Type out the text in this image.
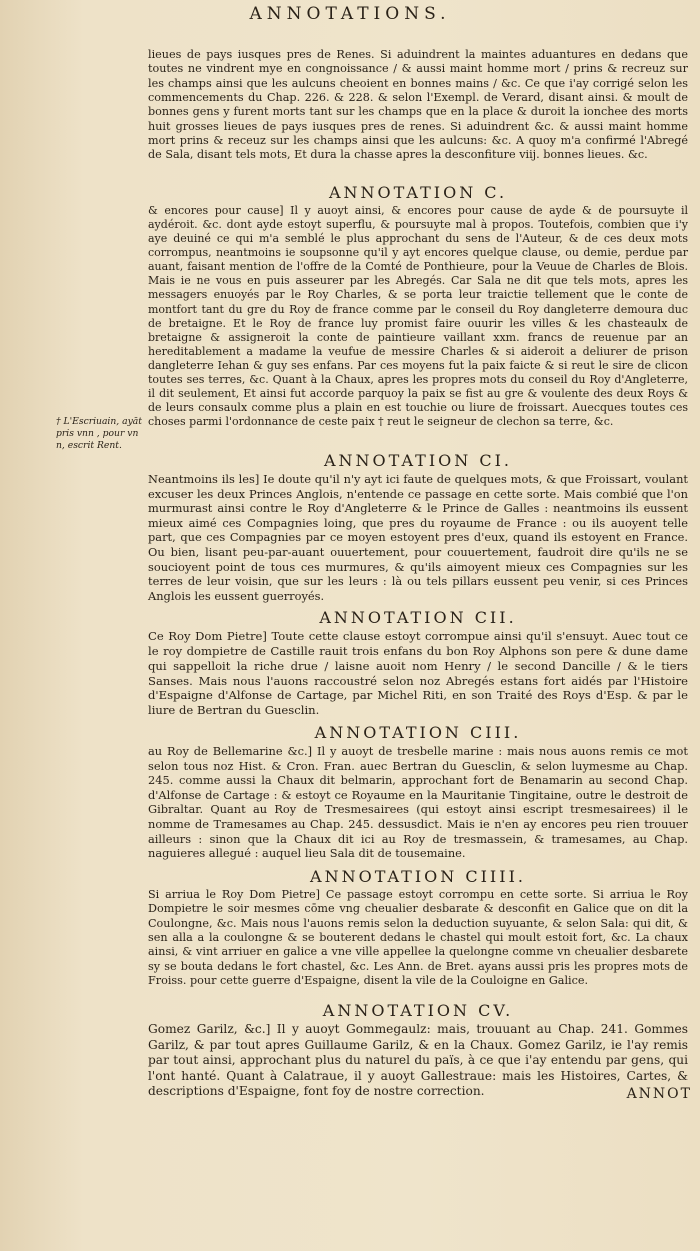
ANNOTATIONS.

lieues de pays iusques pres de Renes. Si aduindrent la maintes aduantures en dedans que toutes ne vindrent mye en congnoissance / & aussi maint homme mort / prins & recreuz sur les champs ainsi que les aulcuns cheoient en bonnes mains / &c. Ce que i'ay corrigé selon les commencements du Chap. 226. & 228. & selon l'Exempl. de Verard, disant ainsi. & moult de bonnes gens y furent morts tant sur les champs que en la place & duroit la ionchee des morts huit grosses lieues de pays iusques pres de renes. Si aduindrent &c. & aussi maint homme mort prins & receuz sur les champs ainsi que les aulcuns: &c. A quoy m'a confirmé l'Abregé de Sala, disant tels mots, Et dura la chasse apres la desconfiture viij. bonnes lieues. &c.

ANNOTATION C.

& encores pour cause] Il y auoyt ainsi, & encores pour cause de ayde & de poursuyte il aydéroit. &c. dont ayde estoyt superflu, & poursuyte mal à propos. Toutefois, combien que i'y aye deuiné ce qui m'a semblé le plus approchant du sens de l'Auteur, & de ces deux mots corrompus, neantmoins ie soupsonne qu'il y ayt encores quelque clause, ou demie, perdue par auant, faisant mention de l'offre de la Comté de Ponthieure, pour la Veuue de Charles de Blois. Mais ie ne vous en puis asseurer par les Abregés. Car Sala ne dit que tels mots, apres les messagers enuoyés par le Roy Charles, & se porta leur traictie tellement que le conte de montfort tant du gre du Roy de france comme par le conseil du Roy dangleterre demoura duc de bretaigne. Et le Roy de france luy promist faire ouurir les villes & les chasteaulx de bretaigne & assigneroit la conte de paintieure vaillant xxm. francs de reuenue par an hereditablement a madame la veufue de messire Charles & si aideroit a deliurer de prison dangleterre Iehan & guy ses enfans. Par ces moyens fut la paix faicte & si reut le sire de clicon toutes ses terres, &c. Quant à la Chaux, apres les propres mots du conseil du Roy d'Angleterre, il dit seulement, Et ainsi fut accorde parquoy la paix se fist au gre & voulente des deux Roys & de leurs consaulx comme plus a plain en est touchie ou liure de froissart. Auecques toutes ces choses parmi l'ordonnance de ceste paix † reut le seigneur de clechon sa terre, &c.

ANNOTATION CI.

Neantmoins ils les] Ie doute qu'il n'y ayt ici faute de quelques mots, & que Froissart, voulant excuser les deux Princes Anglois, n'entende ce passage en cette sorte. Mais combié que l'on murmurast ainsi contre le Roy d'Angleterre & le Prince de Galles : neantmoins ils eussent mieux aimé ces Compagnies loing, que pres du royaume de France : ou ils auoyent telle part, que ces Compagnies par ce moyen estoyent pres d'eux, quand ils estoyent en France. Ou bien, lisant peu-par-auant ouuertement, pour couuertement, faudroit dire qu'ils ne se soucioyent point de tous ces murmures, & qu'ils aimoyent mieux ces Compagnies sur les terres de leur voisin, que sur les leurs : là ou tels pillars eussent peu venir, si ces Princes Anglois les eussent guerroyés.

ANNOTATION CII.

Ce Roy Dom Pietre] Toute cette clause estoyt corrompue ainsi qu'il s'ensuyt. Auec tout ce le roy dompietre de Castille rauit trois enfans du bon Roy Alphons son pere & dune dame qui sappelloit la riche drue / laisne auoit nom Henry / le second Dancille / & le tiers Sanses. Mais nous l'auons raccoustré selon noz Abregés estans fort aidés par l'Histoire d'Espaigne d'Alfonse de Cartage, par Michel Riti, en son Traité des Roys d'Esp. & par le liure de Bertran du Guesclin.

ANNOTATION CIII.

au Roy de Bellemarine &c.] Il y auoyt de tresbelle marine : mais nous auons remis ce mot selon tous noz Hist. & Cron. Fran. auec Bertran du Guesclin, & selon luymesme au Chap. 245. comme aussi la Chaux dit belmarin, approchant fort de Benamarin au second Chap. d'Alfonse de Cartage : & estoyt ce Royaume en la Mauritanie Tingitaine, outre le destroit de Gibraltar. Quant au Roy de Tresmesairees (qui estoyt ainsi escript tresmesairees) il le nomme de Tramesames au Chap. 245. dessusdict. Mais ie n'en ay encores peu rien trouuer ailleurs : sinon que la Chaux dit ici au Roy de tresmassein, & tramesames, au Chap. naguieres allegué : auquel lieu Sala dit de tousemaine.

ANNOTATION CIIII.

Si arriua le Roy Dom Pietre] Ce passage estoyt corrompu en cette sorte. Si arriua le Roy Dompietre le soir mesmes cōme vng cheualier desbarate & desconfit en Galice que on dit la Coulongne, &c. Mais nous l'auons remis selon la deduction suyuante, & selon Sala: qui dit, & sen alla a la coulongne & se bouterent dedans le chastel qui moult estoit fort, &c. La chaux ainsi, & vint arriuer en galice a vne ville appellee la quelongne comme vn cheualier desbarete sy se bouta dedans le fort chastel, &c. Les Ann. de Bret. ayans aussi pris les propres mots de Froiss. pour cette guerre d'Espaigne, disent la vile de la Couloigne en Galice.

ANNOTATION CV.

Gomez Garilz, &c.] Il y auoyt Gommegaulz: mais, trouuant au Chap. 241. Gommes Garilz, & par tout apres Guillaume Garilz, & en la Chaux. Gomez Garilz, ie l'ay remis par tout ainsi, approchant plus du naturel du païs, à ce que i'ay entendu par gens, qui l'ont hanté. Quant à Calatraue, il y auoyt Gallestraue: mais les Histoires, Cartes, & descriptions d'Espaigne, font foy de nostre correction.

† L'Escriuain, ayāt pris vnn , pour vn n, escrit Rent.
ANNOT
